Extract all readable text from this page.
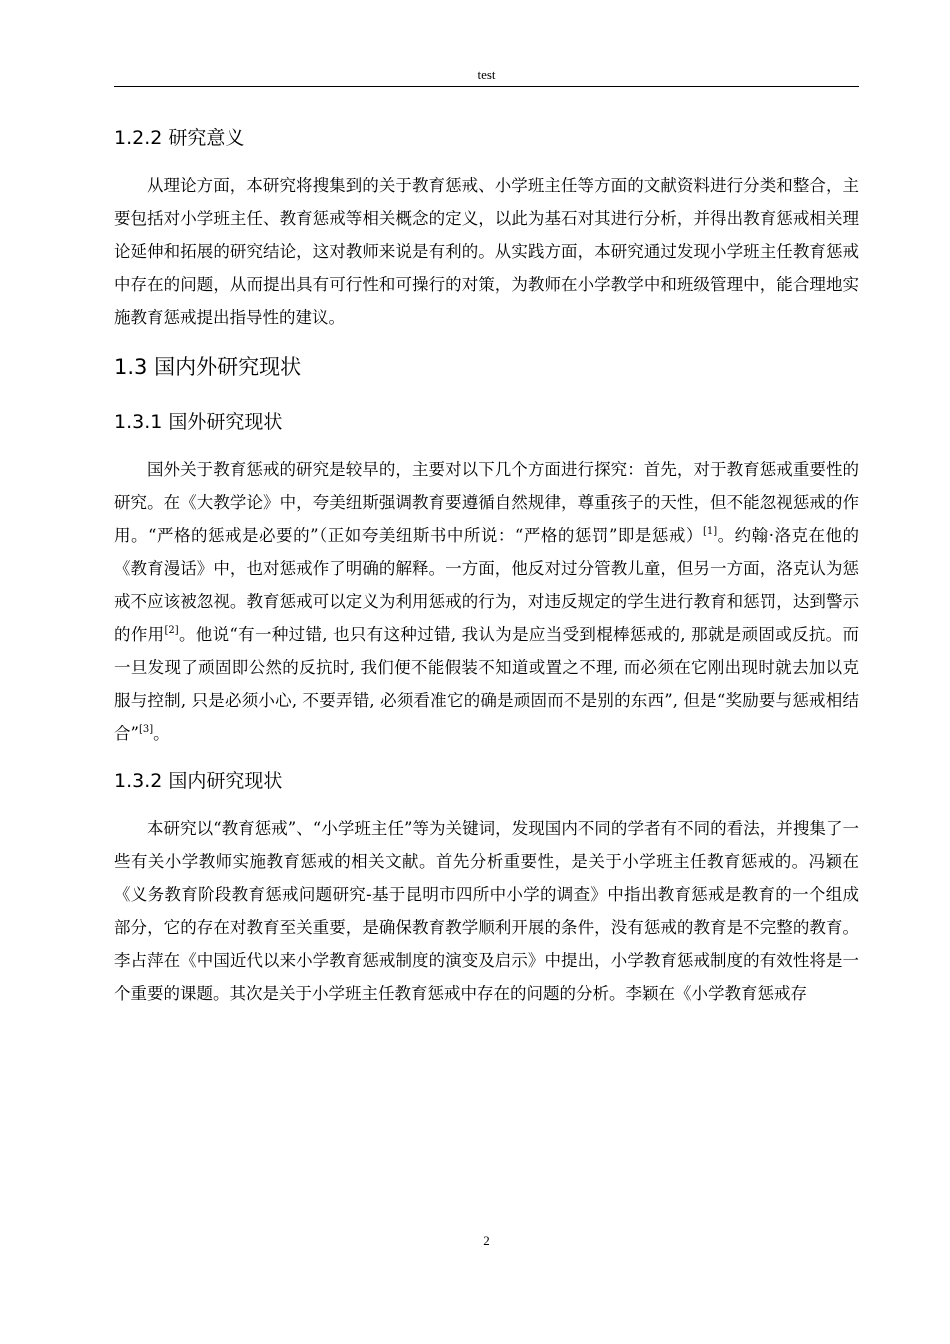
test
1.2.2 研究意义

从理论方面，本研究将搜集到的关于教育惩戒、小学班主任等方面的文献资料进行分类和整合，主要包括对小学班主任、教育惩戒等相关概念的定义，以此为基石对其进行分析，并得出教育惩戒相关理论延伸和拓展的研究结论，这对教师来说是有利的。从实践方面，本研究通过发现小学班主任教育惩戒中存在的问题，从而提出具有可行性和可操行的对策，为教师在小学教学中和班级管理中，能合理地实施教育惩戒提出指导性的建议。

1.3 国内外研究现状
1.3.1 国外研究现状

国外关于教育惩戒的研究是较早的，主要对以下几个方面进行探究：首先，对于教育惩戒重要性的研究。在《大教学论》中，夸美纽斯强调教育要遵循自然规律，尊重孩子的天性，但不能忽视惩戒的作用。“严格的惩戒是必要的”（正如夸美纽斯书中所说：“严格的惩罚”即是惩戒）[1]。约翰·洛克在他的《教育漫话》中，也对惩戒作了明确的解释。一方面，他反对过分管教儿童，但另一方面，洛克认为惩戒不应该被忽视。教育惩戒可以定义为利用惩戒的行为，对违反规定的学生进行教育和惩罚，达到警示的作用[2]。他说“有一种过错, 也只有这种过错, 我认为是应当受到棍棒惩戒的, 那就是顽固或反抗。而一旦发现了顽固即公然的反抗时, 我们便不能假装不知道或置之不理, 而必须在它刚出现时就去加以克服与控制, 只是必须小心, 不要弄错, 必须看准它的确是顽固而不是别的东西”, 但是“奖励要与惩戒相结合”[3]。

1.3.2 国内研究现状

本研究以“教育惩戒”、“小学班主任”等为关键词，发现国内不同的学者有不同的看法，并搜集了一些有关小学教师实施教育惩戒的相关文献。首先分析重要性，是关于小学班主任教育惩戒的。冯颖在《义务教育阶段教育惩戒问题研究-基于昆明市四所中小学的调查》中指出教育惩戒是教育的一个组成部分，它的存在对教育至关重要，是确保教育教学顺利开展的条件，没有惩戒的教育是不完整的教育。李占萍在《中国近代以来小学教育惩戒制度的演变及启示》中提出，小学教育惩戒制度的有效性将是一个重要的课题。其次是关于小学班主任教育惩戒中存在的问题的分析。李颖在《小学教育惩戒存

2
